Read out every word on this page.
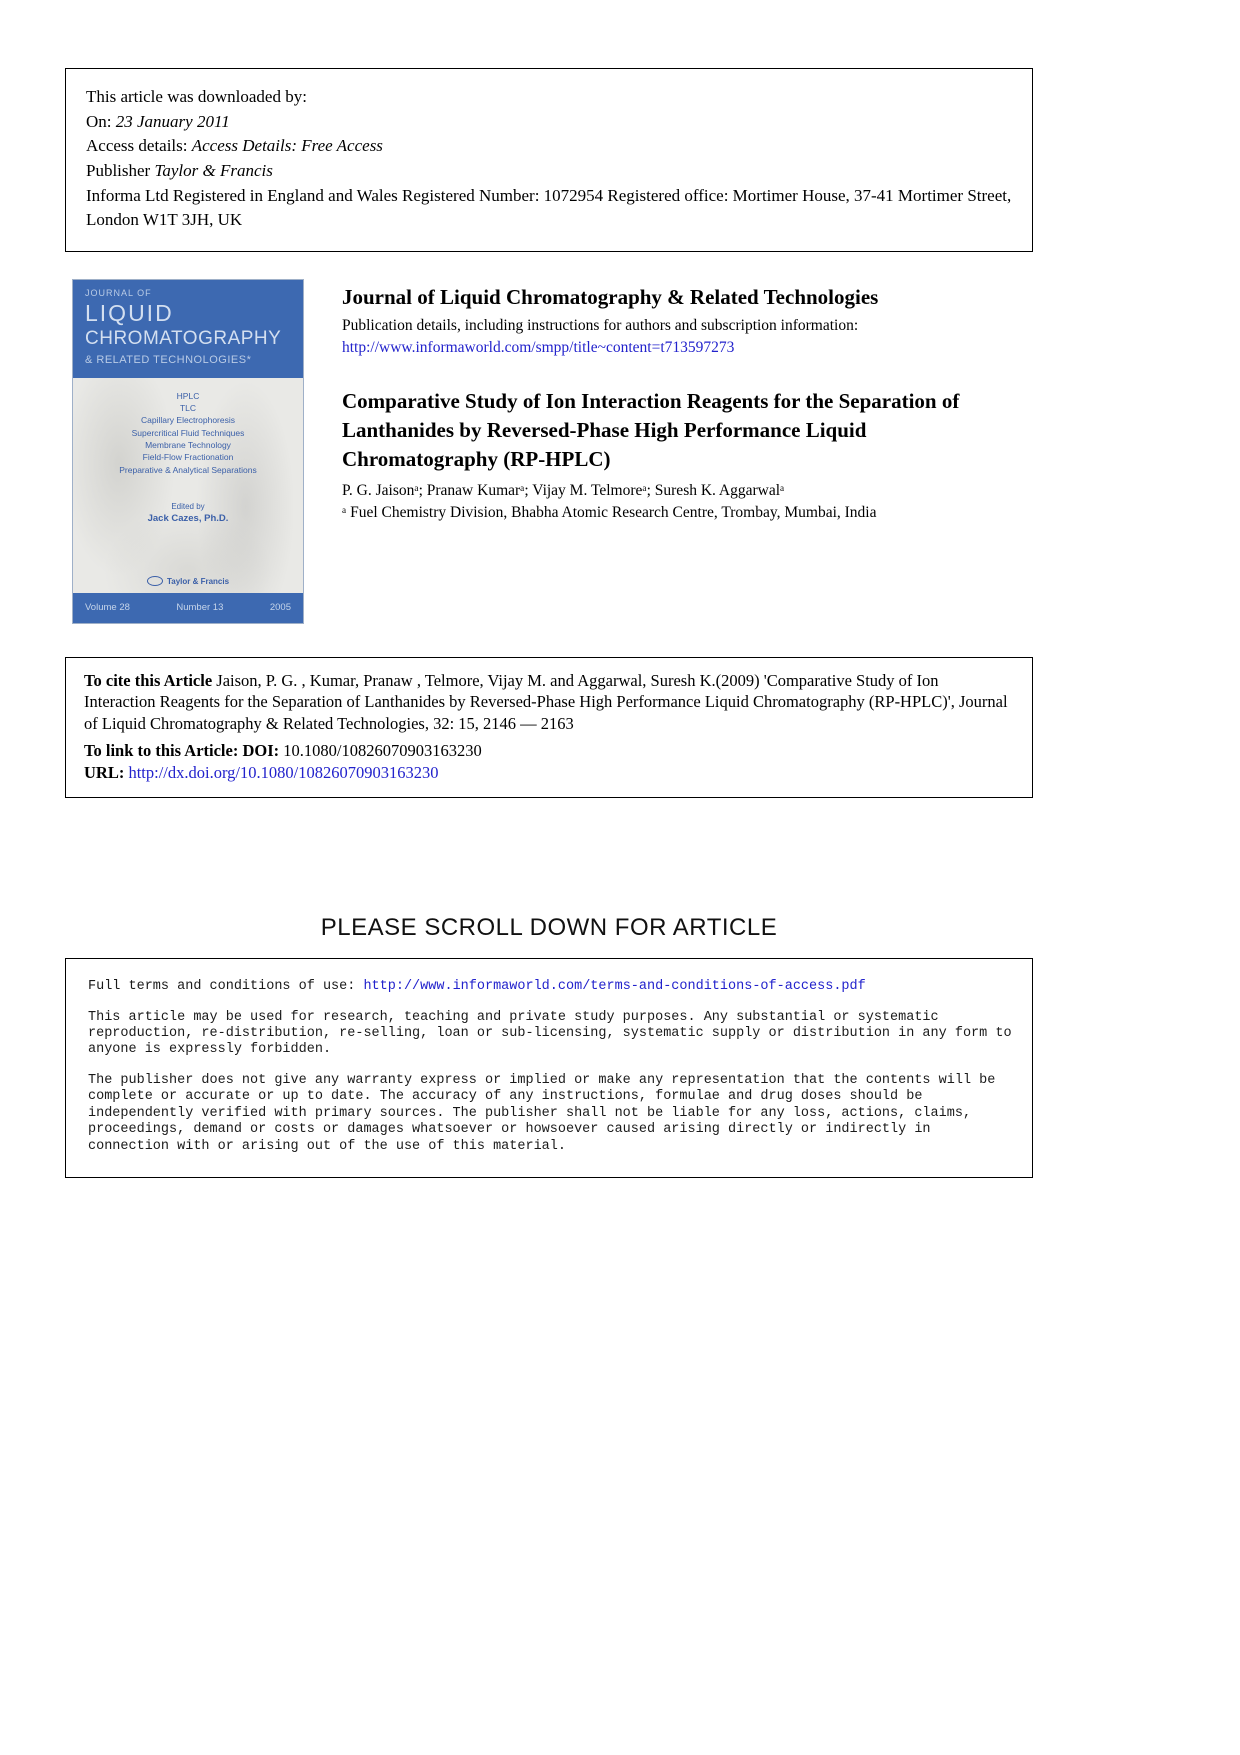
This article was downloaded by:
On: 23 January 2011
Access details: Access Details: Free Access
Publisher Taylor & Francis
Informa Ltd Registered in England and Wales Registered Number: 1072954 Registered office: Mortimer House, 37-41 Mortimer Street, London W1T 3JH, UK
JOURNAL OF
LIQUID
CHROMATOGRAPHY
& RELATED TECHNOLOGIES*
HPLC
TLC
Capillary Electrophoresis
Supercritical Fluid Techniques
Membrane Technology
Field-Flow Fractionation
Preparative & Analytical Separations
Edited by
Jack Cazes, Ph.D.
Taylor & Francis
Volume 28	Number 13	2005
Journal of Liquid Chromatography & Related Technologies
Publication details, including instructions for authors and subscription information:
http://www.informaworld.com/smpp/title~content=t713597273
Comparative Study of Ion Interaction Reagents for the Separation of Lanthanides by Reversed-Phase High Performance Liquid Chromatography (RP-HPLC)
P. G. Jaisonᵃ; Pranaw Kumarᵃ; Vijay M. Telmoreᵃ; Suresh K. Aggarwalᵃ
ᵃ Fuel Chemistry Division, Bhabha Atomic Research Centre, Trombay, Mumbai, India
To cite this Article Jaison, P. G. , Kumar, Pranaw , Telmore, Vijay M. and Aggarwal, Suresh K.(2009) 'Comparative Study of Ion Interaction Reagents for the Separation of Lanthanides by Reversed-Phase High Performance Liquid Chromatography (RP-HPLC)', Journal of Liquid Chromatography & Related Technologies, 32: 15, 2146 — 2163
To link to this Article: DOI: 10.1080/10826070903163230
URL: http://dx.doi.org/10.1080/10826070903163230
PLEASE SCROLL DOWN FOR ARTICLE

Full terms and conditions of use: http://www.informaworld.com/terms-and-conditions-of-access.pdf

This article may be used for research, teaching and private study purposes. Any substantial or systematic reproduction, re-distribution, re-selling, loan or sub-licensing, systematic supply or distribution in any form to anyone is expressly forbidden.

The publisher does not give any warranty express or implied or make any representation that the contents will be complete or accurate or up to date. The accuracy of any instructions, formulae and drug doses should be independently verified with primary sources. The publisher shall not be liable for any loss, actions, claims, proceedings, demand or costs or damages whatsoever or howsoever caused arising directly or indirectly in connection with or arising out of the use of this material.
